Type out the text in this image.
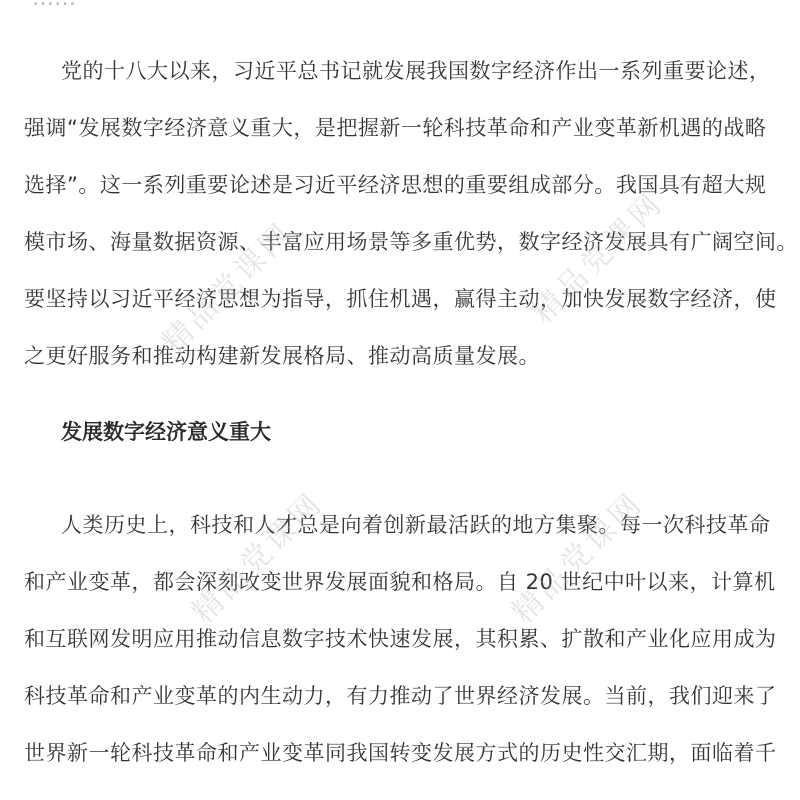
党的十八大以来，习近平总书记就发展我国数字经济作出一系列重要论述，
强调“发展数字经济意义重大，是把握新一轮科技革命和产业变革新机遇的战略
选择”。这一系列重要论述是习近平经济思想的重要组成部分。我国具有超大规
模市场、海量数据资源、丰富应用场景等多重优势，数字经济发展具有广阔空间。
要坚持以习近平经济思想为指导，抓住机遇，赢得主动，加快发展数字经济，使
之更好服务和推动构建新发展格局、推动高质量发展。
发展数字经济意义重大
人类历史上，科技和人才总是向着创新最活跃的地方集聚。每一次科技革命
和产业变革，都会深刻改变世界发展面貌和格局。自 20 世纪中叶以来，计算机
和互联网发明应用推动信息数字技术快速发展，其积累、扩散和产业化应用成为
科技革命和产业变革的内生动力，有力推动了世界经济发展。当前，我们迎来了
世界新一轮科技革命和产业变革同我国转变发展方式的历史性交汇期，面临着千
精品党课网	精品党课网
精品党课网	精品党课网
